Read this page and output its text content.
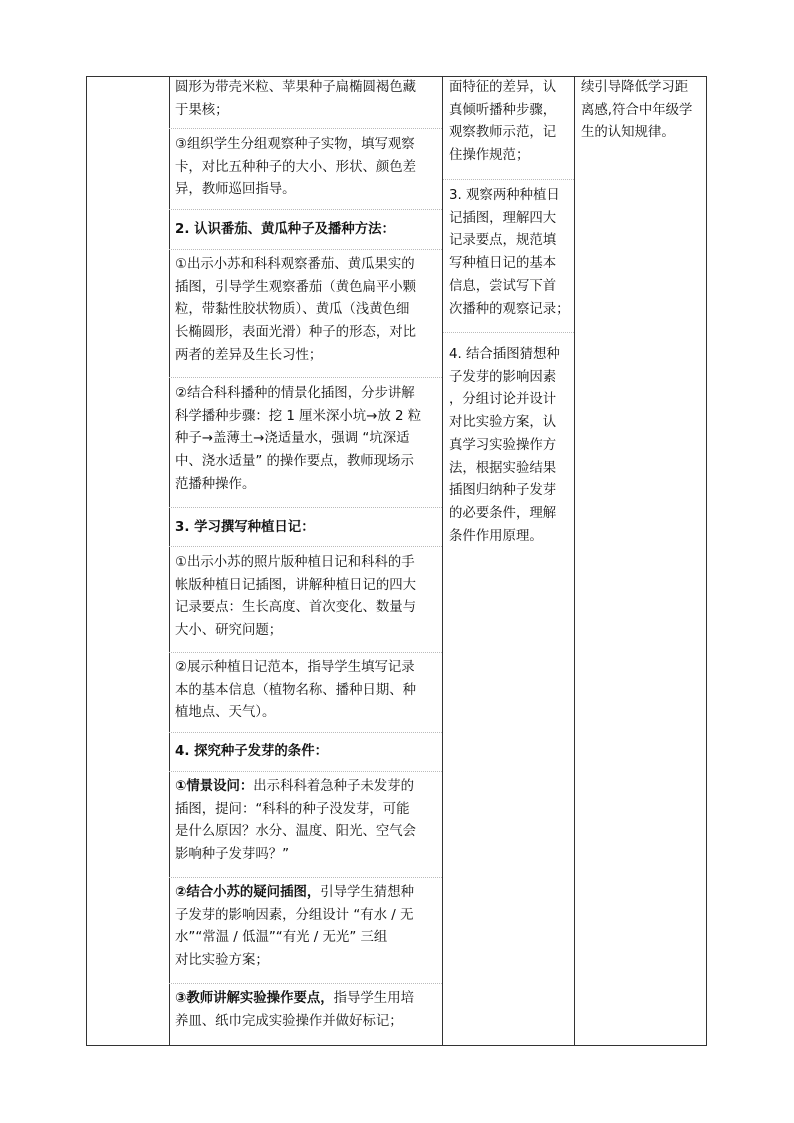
圆形为带壳米粒、苹果种子扁椭圆褐色藏
于果核；
③组织学生分组观察种子实物，填写观察
卡，对比五种种子的大小、形状、颜色差
异，教师巡回指导。
2. 认识番茄、黄瓜种子及播种方法：
①出示小苏和科科观察番茄、黄瓜果实的
插图，引导学生观察番茄（黄色扁平小颗
粒，带黏性胶状物质）、黄瓜（浅黄色细
长椭圆形，表面光滑）种子的形态，对比
两者的差异及生长习性；
②结合科科播种的情景化插图，分步讲解
科学播种步骤：挖 1 厘米深小坑→放 2 粒
种子→盖薄土→浇适量水，强调 “坑深适
中、浇水适量” 的操作要点，教师现场示
范播种操作。
3. 学习撰写种植日记：
①出示小苏的照片版种植日记和科科的手
帐版种植日记插图，讲解种植日记的四大
记录要点：生长高度、首次变化、数量与
大小、研究问题；
②展示种植日记范本，指导学生填写记录
本的基本信息（植物名称、播种日期、种
植地点、天气）。
4. 探究种子发芽的条件：
①情景设问：出示科科着急种子未发芽的
插图，提问：“科科的种子没发芽，可能
是什么原因？水分、温度、阳光、空气会
影响种子发芽吗？”
②结合小苏的疑问插图，引导学生猜想种
子发芽的影响因素，分组设计 “有水 / 无
水”“常温 / 低温”“有光 / 无光” 三组
对比实验方案；
③教师讲解实验操作要点，指导学生用培
养皿、纸巾完成实验操作并做好标记；
面特征的差异，认
真倾听播种步骤，
观察教师示范，记
住操作规范；
3. 观察两种种植日
记插图，理解四大
记录要点，规范填
写种植日记的基本
信息，尝试写下首
次播种的观察记录；
4. 结合插图猜想种
子发芽的影响因素
，分组讨论并设计
对比实验方案，认
真学习实验操作方
法，根据实验结果
插图归纳种子发芽
的必要条件，理解
条件作用原理。
续引导降低学习距
离感,符合中年级学
生的认知规律。
